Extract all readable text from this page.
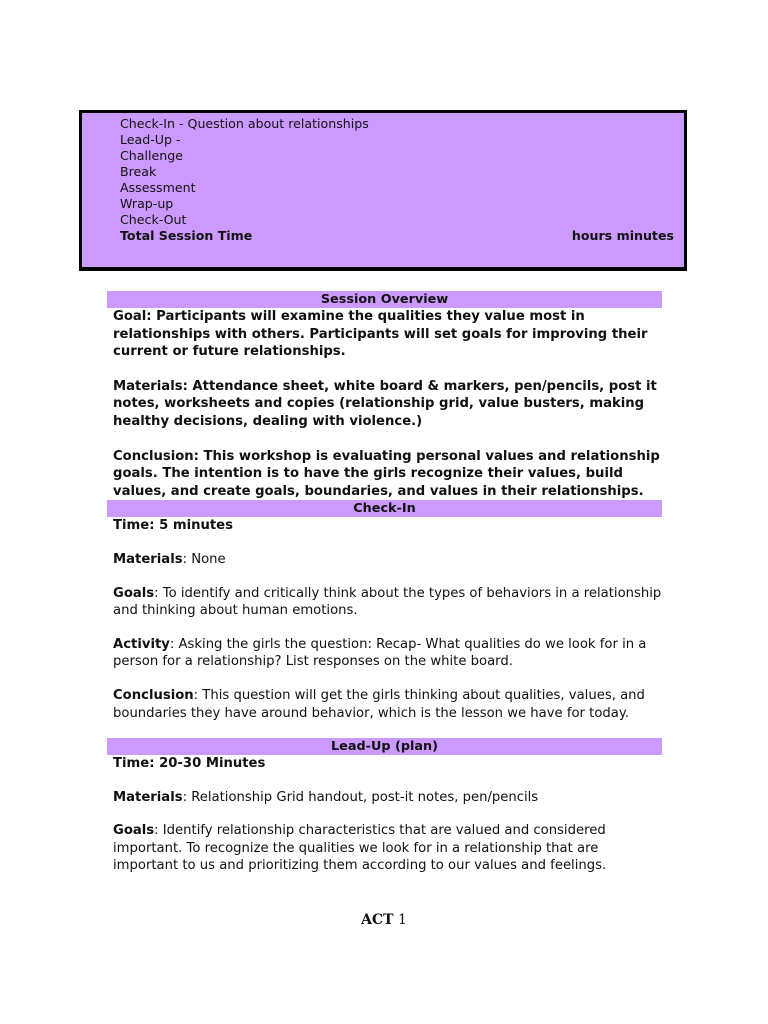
Check-In - Question about relationships
Lead-Up -
Challenge
Break
Assessment
Wrap-up
Check-Out
Total Session Time	hours minutes
Session Overview

Goal: Participants will examine the qualities they value most in relationships with others. Participants will set goals for improving their current or future relationships.

Materials: Attendance sheet, white board & markers, pen/pencils, post it notes, worksheets and copies (relationship grid, value busters, making healthy decisions, dealing with violence.)

Conclusion: This workshop is evaluating personal values and relationship goals. The intention is to have the girls recognize their values, build values, and create goals, boundaries, and values in their relationships.

Check-In

Time: 5 minutes

Materials: None

Goals: To identify and critically think about the types of behaviors in a relationship and thinking about human emotions.

Activity: Asking the girls the question: Recap- What qualities do we look for in a person for a relationship? List responses on the white board.

Conclusion: This question will get the girls thinking about qualities, values, and boundaries they have around behavior, which is the lesson we have for today.

Lead-Up (plan)

Time: 20-30 Minutes

Materials: Relationship Grid handout, post-it notes, pen/pencils

Goals: Identify relationship characteristics that are valued and considered important. To recognize the qualities we look for in a relationship that are important to us and prioritizing them according to our values and feelings.

ACT 1
